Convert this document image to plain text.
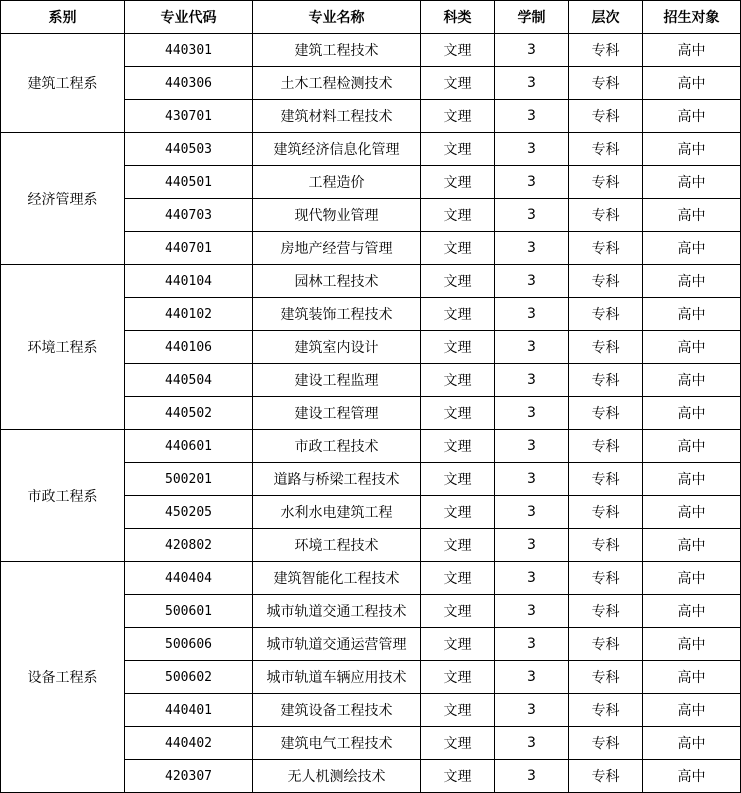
系别	专业代码	专业名称	科类	学制	层次	招生对象
建筑工程系	440301	建筑工程技术	文理	3	专科	高中
	440306	土木工程检测技术	文理	3	专科	高中
	430701	建筑材料工程技术	文理	3	专科	高中
经济管理系	440503	建筑经济信息化管理	文理	3	专科	高中
	440501	工程造价	文理	3	专科	高中
	440703	现代物业管理	文理	3	专科	高中
	440701	房地产经营与管理	文理	3	专科	高中
环境工程系	440104	园林工程技术	文理	3	专科	高中
	440102	建筑装饰工程技术	文理	3	专科	高中
	440106	建筑室内设计	文理	3	专科	高中
	440504	建设工程监理	文理	3	专科	高中
	440502	建设工程管理	文理	3	专科	高中
市政工程系	440601	市政工程技术	文理	3	专科	高中
	500201	道路与桥梁工程技术	文理	3	专科	高中
	450205	水利水电建筑工程	文理	3	专科	高中
	420802	环境工程技术	文理	3	专科	高中
设备工程系	440404	建筑智能化工程技术	文理	3	专科	高中
	500601	城市轨道交通工程技术	文理	3	专科	高中
	500606	城市轨道交通运营管理	文理	3	专科	高中
	500602	城市轨道车辆应用技术	文理	3	专科	高中
	440401	建筑设备工程技术	文理	3	专科	高中
	440402	建筑电气工程技术	文理	3	专科	高中
	420307	无人机测绘技术	文理	3	专科	高中
